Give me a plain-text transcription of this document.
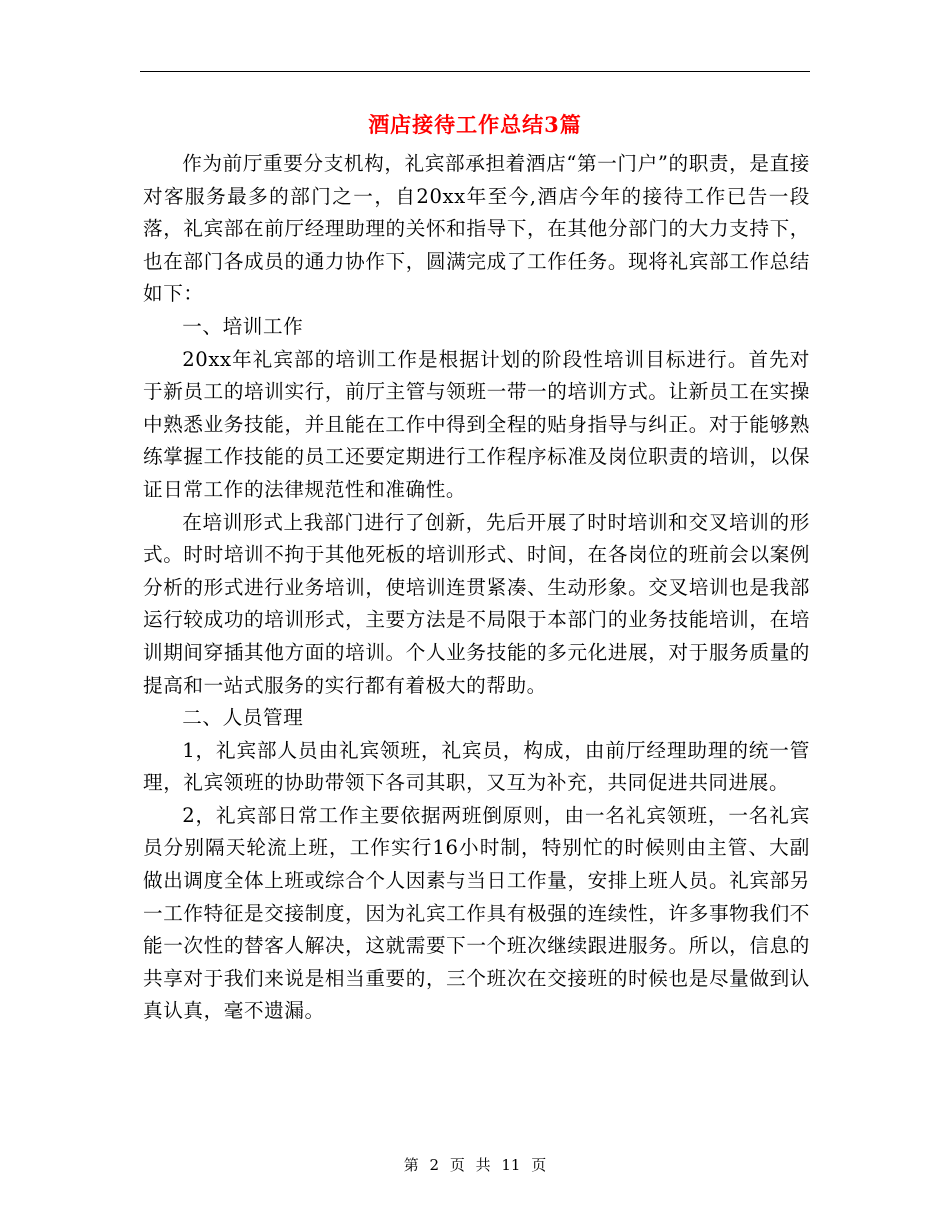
酒店接待工作总结3篇

作为前厅重要分支机构，礼宾部承担着酒店“第一门户”的职责，是直接对客服务最多的部门之一，自20xx年至今,酒店今年的接待工作已告一段落，礼宾部在前厅经理助理的关怀和指导下，在其他分部门的大力支持下，也在部门各成员的通力协作下，圆满完成了工作任务。现将礼宾部工作总结如下：

一、培训工作

20xx年礼宾部的培训工作是根据计划的阶段性培训目标进行。首先对于新员工的培训实行，前厅主管与领班一带一的培训方式。让新员工在实操中熟悉业务技能，并且能在工作中得到全程的贴身指导与纠正。对于能够熟练掌握工作技能的员工还要定期进行工作程序标准及岗位职责的培训，以保证日常工作的法律规范性和准确性。

在培训形式上我部门进行了创新，先后开展了时时培训和交叉培训的形式。时时培训不拘于其他死板的培训形式、时间，在各岗位的班前会以案例分析的形式进行业务培训，使培训连贯紧凑、生动形象。交叉培训也是我部运行较成功的培训形式，主要方法是不局限于本部门的业务技能培训，在培训期间穿插其他方面的培训。个人业务技能的多元化进展，对于服务质量的提高和一站式服务的实行都有着极大的帮助。

二、人员管理

1，礼宾部人员由礼宾领班，礼宾员，构成，由前厅经理助理的统一管理，礼宾领班的协助带领下各司其职，又互为补充，共同促进共同进展。

2，礼宾部日常工作主要依据两班倒原则，由一名礼宾领班，一名礼宾员分别隔天轮流上班，工作实行16小时制，特别忙的时候则由主管、大副做出调度全体上班或综合个人因素与当日工作量，安排上班人员。礼宾部另一工作特征是交接制度，因为礼宾工作具有极强的连续性，许多事物我们不能一次性的替客人解决，这就需要下一个班次继续跟进服务。所以，信息的共享对于我们来说是相当重要的，三个班次在交接班的时候也是尽量做到认真认真，毫不遗漏。

第 2 页 共 11 页
